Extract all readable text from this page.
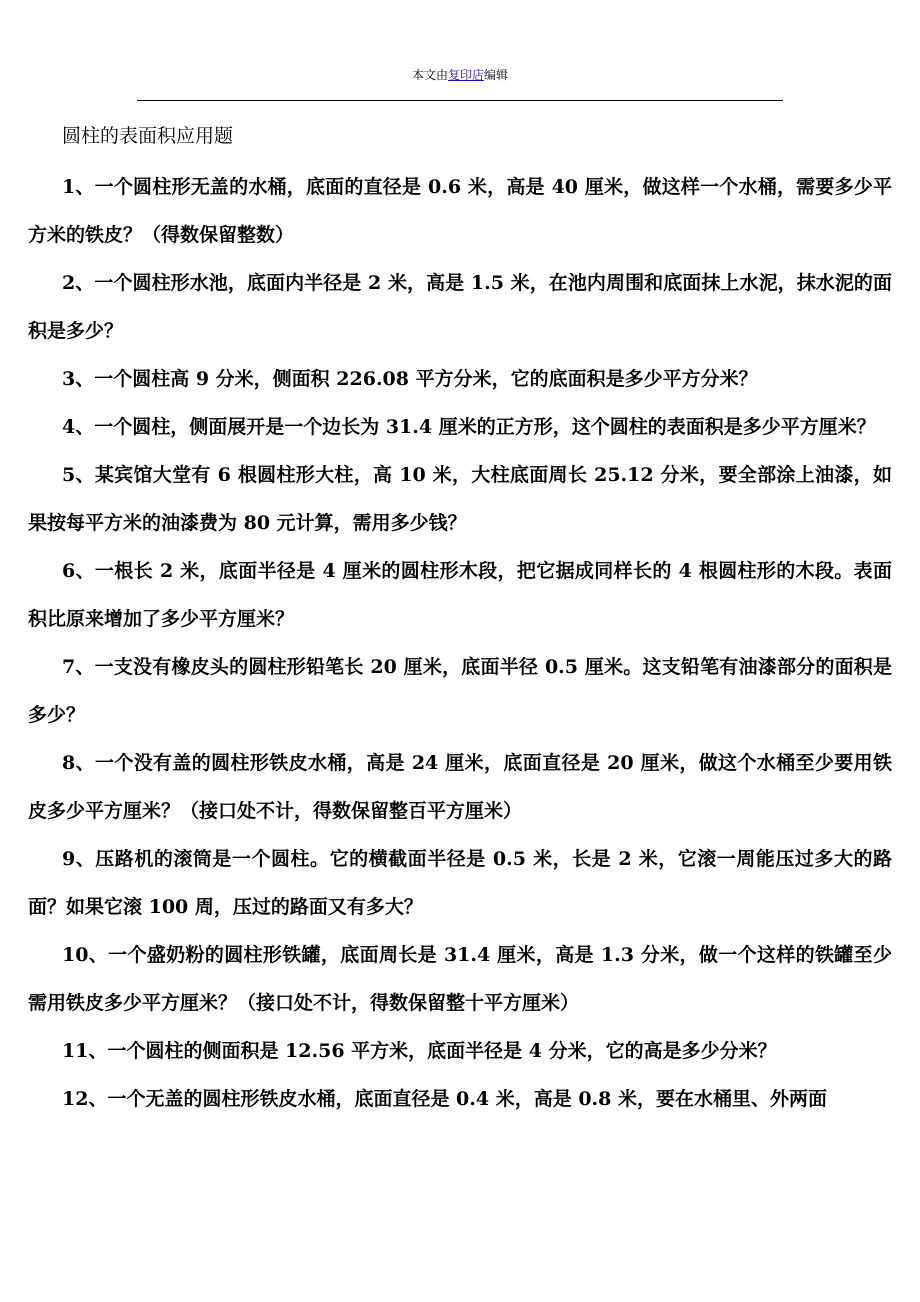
本文由复印店编辑
圆柱的表面积应用题

1、一个圆柱形无盖的水桶，底面的直径是 0.6 米，高是 40 厘米，做这样一个水桶，需要多少平方米的铁皮？（得数保留整数）

2、一个圆柱形水池，底面内半径是 2 米，高是 1.5 米，在池内周围和底面抹上水泥，抹水泥的面积是多少？

3、一个圆柱高 9 分米，侧面积 226.08 平方分米，它的底面积是多少平方分米？

4、一个圆柱，侧面展开是一个边长为 31.4 厘米的正方形，这个圆柱的表面积是多少平方厘米？

5、某宾馆大堂有 6 根圆柱形大柱，高 10 米，大柱底面周长 25.12 分米，要全部涂上油漆，如果按每平方米的油漆费为 80 元计算，需用多少钱？

6、一根长 2 米，底面半径是 4 厘米的圆柱形木段，把它据成同样长的 4 根圆柱形的木段。表面积比原来增加了多少平方厘米？

7、一支没有橡皮头的圆柱形铅笔长 20 厘米，底面半径 0.5 厘米。这支铅笔有油漆部分的面积是多少？

8、一个没有盖的圆柱形铁皮水桶，高是 24 厘米，底面直径是 20 厘米，做这个水桶至少要用铁皮多少平方厘米？（接口处不计，得数保留整百平方厘米）

9、压路机的滚筒是一个圆柱。它的横截面半径是 0.5 米，长是 2 米，它滚一周能压过多大的路面？如果它滚 100 周，压过的路面又有多大？

10、一个盛奶粉的圆柱形铁罐，底面周长是 31.4 厘米，高是 1.3 分米，做一个这样的铁罐至少需用铁皮多少平方厘米？（接口处不计，得数保留整十平方厘米）

11、一个圆柱的侧面积是 12.56 平方米，底面半径是 4 分米，它的高是多少分米？

12、一个无盖的圆柱形铁皮水桶，底面直径是 0.4 米，高是 0.8 米，要在水桶里、外两面
